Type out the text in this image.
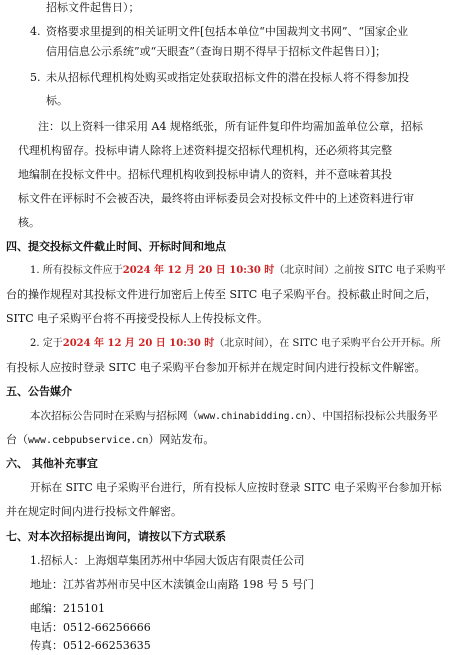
招标文件起售日）；
4. 资格要求里提到的相关证明文件[包括本单位“中国裁判文书网”、“国家企业
信用信息公示系统”或“天眼查”（查询日期不得早于招标文件起售日）]；
5. 未从招标代理机构处购买或指定处获取招标文件的潜在投标人将不得参加投
标。
注：以上资料一律采用 A4 规格纸张，所有证件复印件均需加盖单位公章，招标
代理机构留存。投标申请人除将上述资料提交招标代理机构，还必须将其完整
地编制在投标文件中。招标代理机构收到投标申请人的资料，并不意味着其投
标文件在评标时不会被否决，最终将由评标委员会对投标文件中的上述资料进行审
核。
四、提交投标文件截止时间、开标时间和地点
1. 所有投标文件应于2024 年 12 月 20 日 10:30 时（北京时间）之前按 SITC 电子采购平
台的操作规程对其投标文件进行加密后上传至 SITC 电子采购平台。投标截止时间之后，
SITC 电子采购平台将不再接受投标人上传投标文件。
2. 定于2024 年 12 月 20 日 10:30 时（北京时间），在 SITC 电子采购平台公开开标。所
有投标人应按时登录 SITC 电子采购平台参加开标并在规定时间内进行投标文件解密。
五、公告媒介
本次招标公告同时在采购与招标网（www.chinabidding.cn）、中国招标投标公共服务平
台（www.cebpubservice.cn）网站发布。
六、 其他补充事宜
开标在 SITC 电子采购平台进行，所有投标人应按时登录 SITC 电子采购平台参加开标
并在规定时间内进行投标文件解密。
七、对本次招标提出询问，请按以下方式联系
1.招标人：上海烟草集团苏州中华园大饭店有限责任公司
地址：江苏省苏州市吴中区木渎镇金山南路 198 号 5 号门
邮编：215101
电话：0512-66256666
传真：0512-66253635
